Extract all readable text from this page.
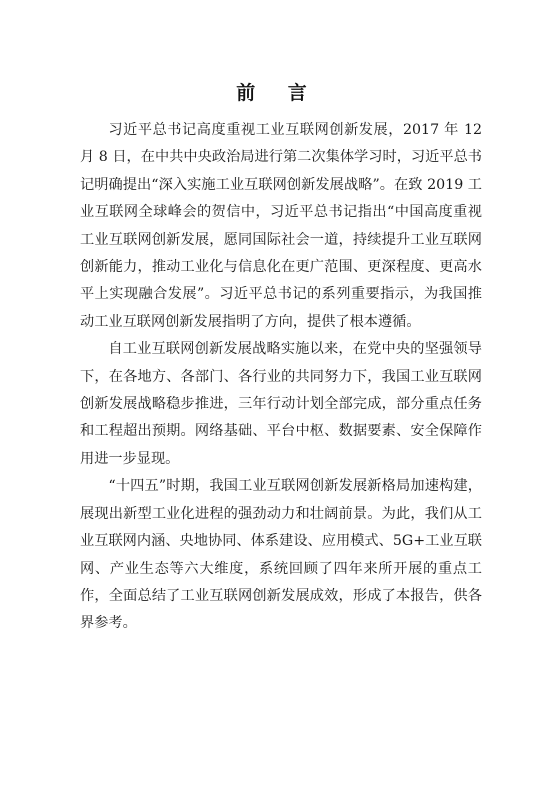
前 言

习近平总书记高度重视工业互联网创新发展，2017 年 12 月 8 日，在中共中央政治局进行第二次集体学习时，习近平总书记明确提出“深入实施工业互联网创新发展战略”。在致 2019 工业互联网全球峰会的贺信中，习近平总书记指出“中国高度重视工业互联网创新发展，愿同国际社会一道，持续提升工业互联网创新能力，推动工业化与信息化在更广范围、更深程度、更高水平上实现融合发展”。习近平总书记的系列重要指示，为我国推动工业互联网创新发展指明了方向，提供了根本遵循。

自工业互联网创新发展战略实施以来，在党中央的坚强领导下，在各地方、各部门、各行业的共同努力下，我国工业互联网创新发展战略稳步推进，三年行动计划全部完成，部分重点任务和工程超出预期。网络基础、平台中枢、数据要素、安全保障作用进一步显现。

“十四五”时期，我国工业互联网创新发展新格局加速构建，展现出新型工业化进程的强劲动力和壮阔前景。为此，我们从工业互联网内涵、央地协同、体系建设、应用模式、5G+工业互联网、产业生态等六大维度，系统回顾了四年来所开展的重点工作，全面总结了工业互联网创新发展成效，形成了本报告，供各界参考。
